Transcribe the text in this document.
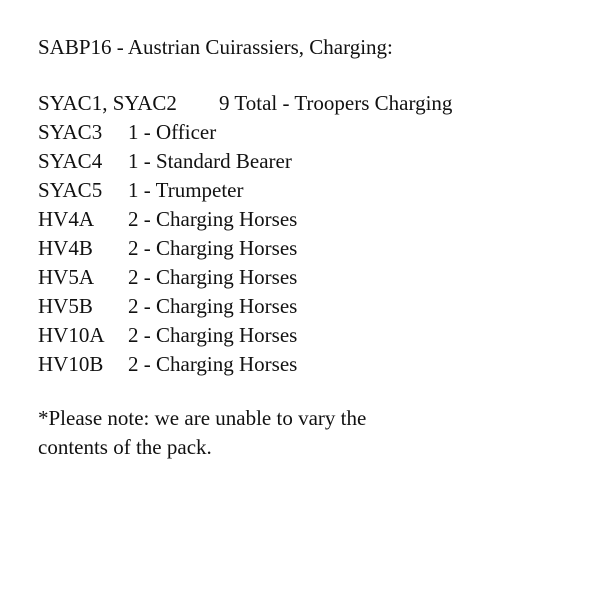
SABP16 - Austrian Cuirassiers, Charging:
SYAC1, SYAC2	9 Total - Troopers Charging
SYAC3	1 - Officer
SYAC4	1 - Standard Bearer
SYAC5	1 - Trumpeter
HV4A	2 - Charging Horses
HV4B	2 - Charging Horses
HV5A	2 - Charging Horses
HV5B	2 - Charging Horses
HV10A	2 - Charging Horses
HV10B	2 - Charging Horses
*Please note: we are unable to vary the
contents of the pack.
